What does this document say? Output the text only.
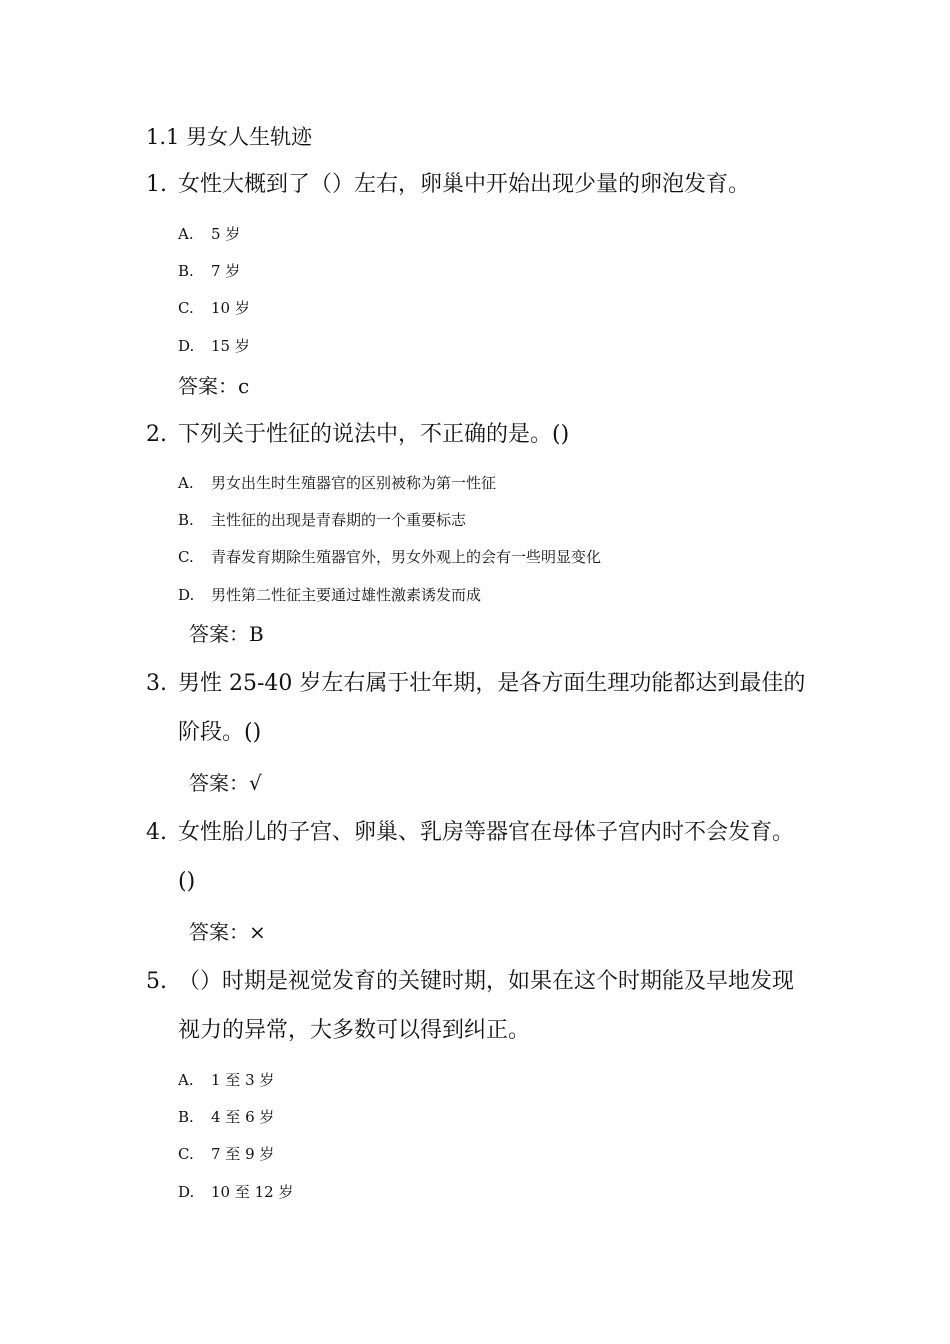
1.1 男女人生轨迹
1. 女性大概到了（）左右，卵巢中开始出现少量的卵泡发育。
A. 5 岁
B. 7 岁
C. 10 岁
D. 15 岁
答案：c
2. 下列关于性征的说法中，不正确的是。()
A. 男女出生时生殖器官的区别被称为第一性征
B. 主性征的出现是青春期的一个重要标志
C. 青春发育期除生殖器官外，男女外观上的会有一些明显变化
D. 男性第二性征主要通过雄性激素诱发而成
答案：B
3. 男性 25-40 岁左右属于壮年期，是各方面生理功能都达到最佳的
阶段。()
答案：√
4. 女性胎儿的子宫、卵巢、乳房等器官在母体子宫内时不会发育。
()
答案：×
5. （）时期是视觉发育的关键时期，如果在这个时期能及早地发现
视力的异常，大多数可以得到纠正。
A. 1 至 3 岁
B. 4 至 6 岁
C. 7 至 9 岁
D. 10 至 12 岁
